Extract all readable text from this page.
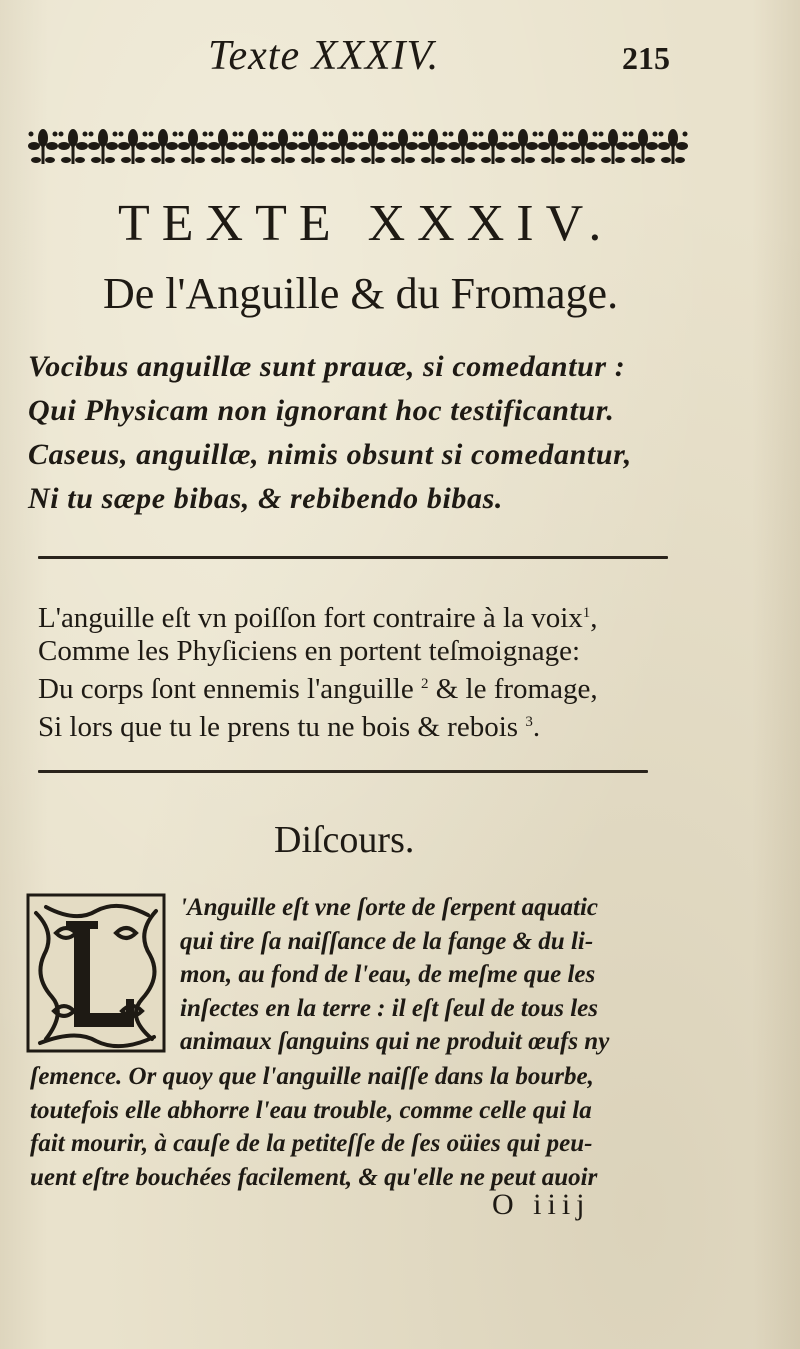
Texte XXXIV.	215
TEXTE XXXIV.
De l'Anguille & du Fromage.
Vocibus anguillæ sunt prauæ, si comedantur :
Qui Physicam non ignorant hoc testificantur.
Caseus, anguillæ, nimis obsunt si comedantur,
Ni tu sæpe bibas, & rebibendo bibas.
L'anguille eſt vn poiſſon fort contraire à la voix$^1$,
Comme les Phyſiciens en portent teſmoignage:
Du corps ſont ennemis l'anguille $^2$ & le fromage,
Si lors que tu le prens tu ne bois & rebois $^3$.
Diſcours.
'Anguille eſt vne ſorte de ſerpent aquatic
qui tire ſa naiſſance de la fange & du li-
mon, au fond de l'eau, de meſme que les
inſectes en la terre : il eſt ſeul de tous les
animaux ſanguins qui ne produit œufs ny
ſemence. Or quoy que l'anguille naiſſe dans la bourbe,
toutefois elle abhorre l'eau trouble, comme celle qui la
fait mourir, à cauſe de la petiteſſe de ſes oüies qui peu-
uent eſtre bouchées facilement, & qu'elle ne peut auoir
O iiij
